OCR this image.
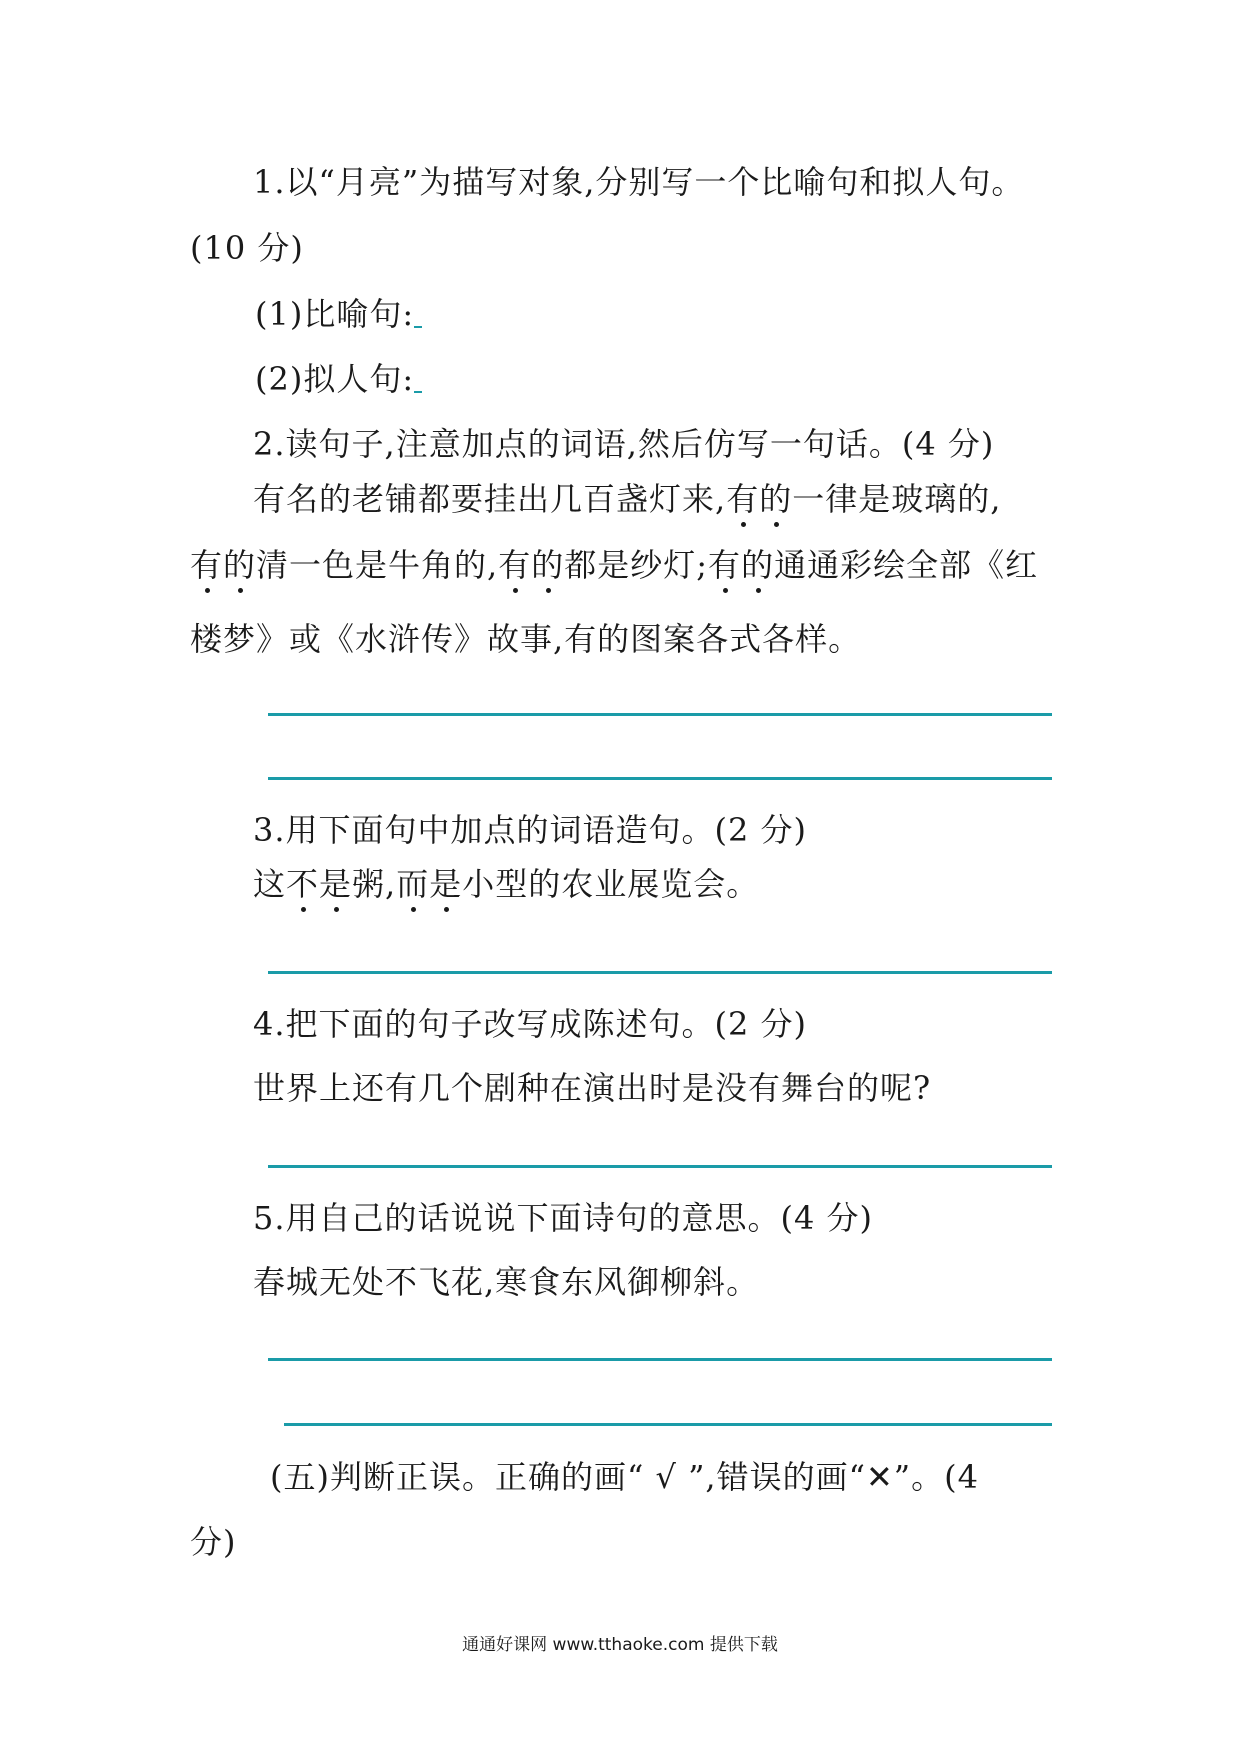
1.以“月亮”为描写对象,分别写一个比喻句和拟人句。
(10 分)
(1)比喻句:
(2)拟人句:
2.读句子,注意加点的词语,然后仿写一句话。(4 分)
有名的老铺都要挂出几百盏灯来,有的一律是玻璃的,
有的清一色是牛角的,有的都是纱灯;有的通通彩绘全部《红
楼梦》或《水浒传》故事,有的图案各式各样。
3.用下面句中加点的词语造句。(2 分)
这不是粥,而是小型的农业展览会。
4.把下面的句子改写成陈述句。(2 分)
世界上还有几个剧种在演出时是没有舞台的呢?
5.用自己的话说说下面诗句的意思。(4 分)
春城无处不飞花,寒食东风御柳斜。
(五)判断正误。正确的画“ √ ”,错误的画“✕”。(4
分)
通通好课网 www.tthaoke.com 提供下载
